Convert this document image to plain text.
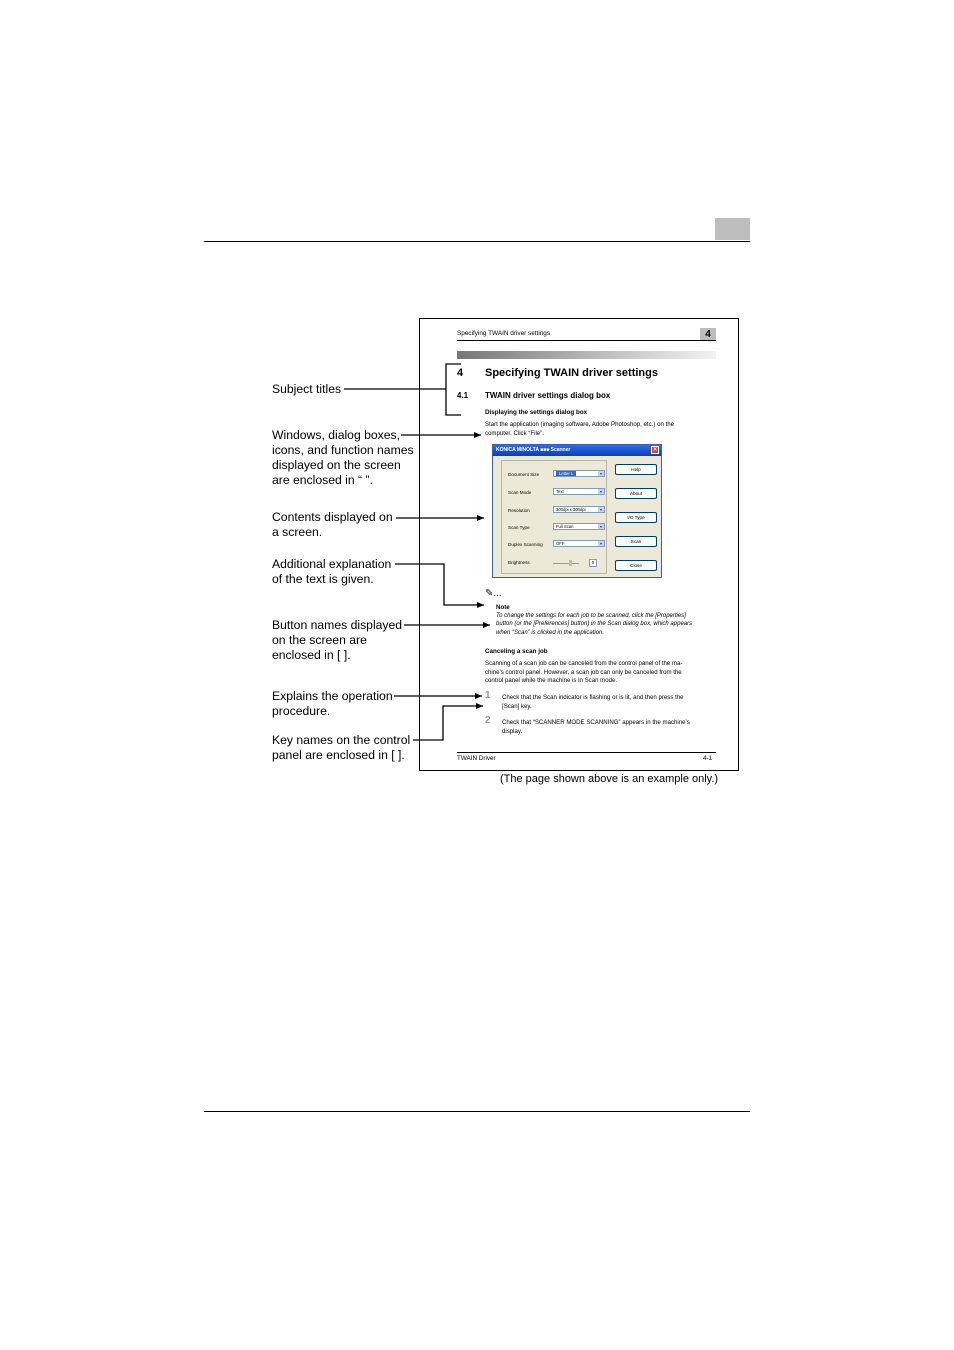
Subject titles
Windows, dialog boxes,
icons, and function names
displayed on the screen
are enclosed in “ ”.
Contents displayed on
a screen.
Additional explanation
of the text is given.
Button names displayed
on the screen are
enclosed in [ ].
Explains the operation
procedure.
Key names on the control
panel are enclosed in [ ].
Specifying TWAIN driver settings	4
4 Specifying TWAIN driver settings
4.1 TWAIN driver settings dialog box
Displaying the settings dialog box
Start the application (imaging software, Adobe Photoshop, etc.) on the
computer. Click “File”.
KONICA MINOLTA ■■■ Scanner	✕
Document Size	Letter L	▾
Scan Mode	Text	▾
Resolution	300dpi x 300dpi	▾
Scan Type	Full Scan	▾
Duplex Scanning	OFF	▾
Brightness	0
Help
About
I/O Type
Scan
Close
✎...
Note
To change the settings for each job to be scanned, click the [Properties]
button (or the [Preferences] button) in the Scan dialog box, which appears
when “Scan” is clicked in the application.
Canceling a scan job
Scanning of a scan job can be canceled from the control panel of the ma-
chine’s control panel. However, a scan job can only be canceled from the
control panel while the machine is in Scan mode.
1 Check that the Scan indicator is flashing or is lit, and then press the
[Scan] key.
2 Check that “SCANNER MODE SCANNING” appears in the machine’s
display.
TWAIN Driver	4-1
(The page shown above is an example only.)
